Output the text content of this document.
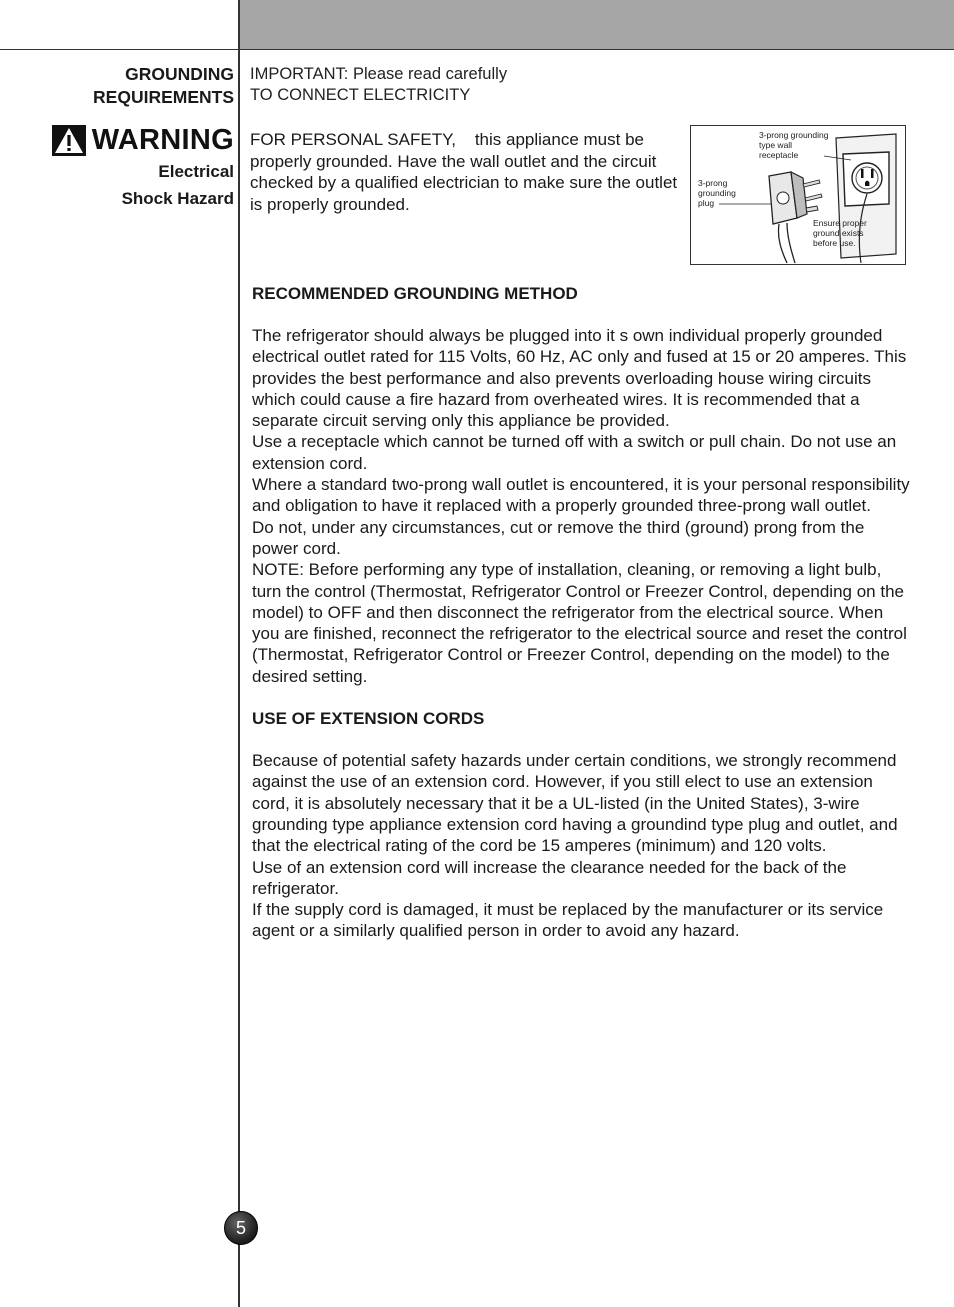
GROUNDING
REQUIREMENTS
WARNING
Electrical
Shock Hazard
IMPORTANT: Please read carefully
TO CONNECT ELECTRICITY
FOR PERSONAL SAFETY,    this appliance must be properly grounded. Have the wall outlet and the circuit checked by a qualified electrician to make sure the outlet is properly grounded.
3-prong grounding type wall receptacle
3-prong grounding plug
Ensure proper ground exists before use.
RECOMMENDED GROUNDING METHOD

The refrigerator should always be plugged into it s own individual properly grounded electrical outlet rated for 115 Volts, 60 Hz, AC only and fused at 15 or 20 amperes. This provides the best performance and also prevents overloading house wiring circuits which could cause a fire hazard from overheated wires. It is recommended that a separate circuit serving only this appliance be provided.

Use a receptacle which cannot be turned off with a switch or pull chain. Do not use an extension cord.

Where a standard two-prong wall outlet is encountered, it is your personal responsibility and obligation to have it replaced with a properly grounded three-prong wall outlet.

Do not, under any circumstances, cut or remove the third (ground) prong from the power cord.

NOTE: Before performing any type of installation, cleaning, or removing a light bulb, turn the control (Thermostat, Refrigerator Control or Freezer Control, depending on the model) to OFF and then disconnect the refrigerator from the electrical source. When you are finished, reconnect the refrigerator to the electrical source and reset the control (Thermostat, Refrigerator Control or Freezer Control, depending on the model) to the desired setting.

USE OF EXTENSION CORDS

Because of potential safety hazards under certain conditions, we strongly recommend against the use of an extension cord. However, if you still elect to use an extension cord, it is absolutely necessary that it be a UL-listed (in the United States), 3-wire grounding type appliance extension cord having a groundind type plug and outlet, and that the electrical rating of the cord be 15 amperes (minimum) and 120 volts.

Use of an extension cord will increase the clearance needed for the back of the refrigerator.

If the supply cord is damaged, it must be replaced by the manufacturer or its service agent or a similarly qualified person in order to avoid any hazard.

5
